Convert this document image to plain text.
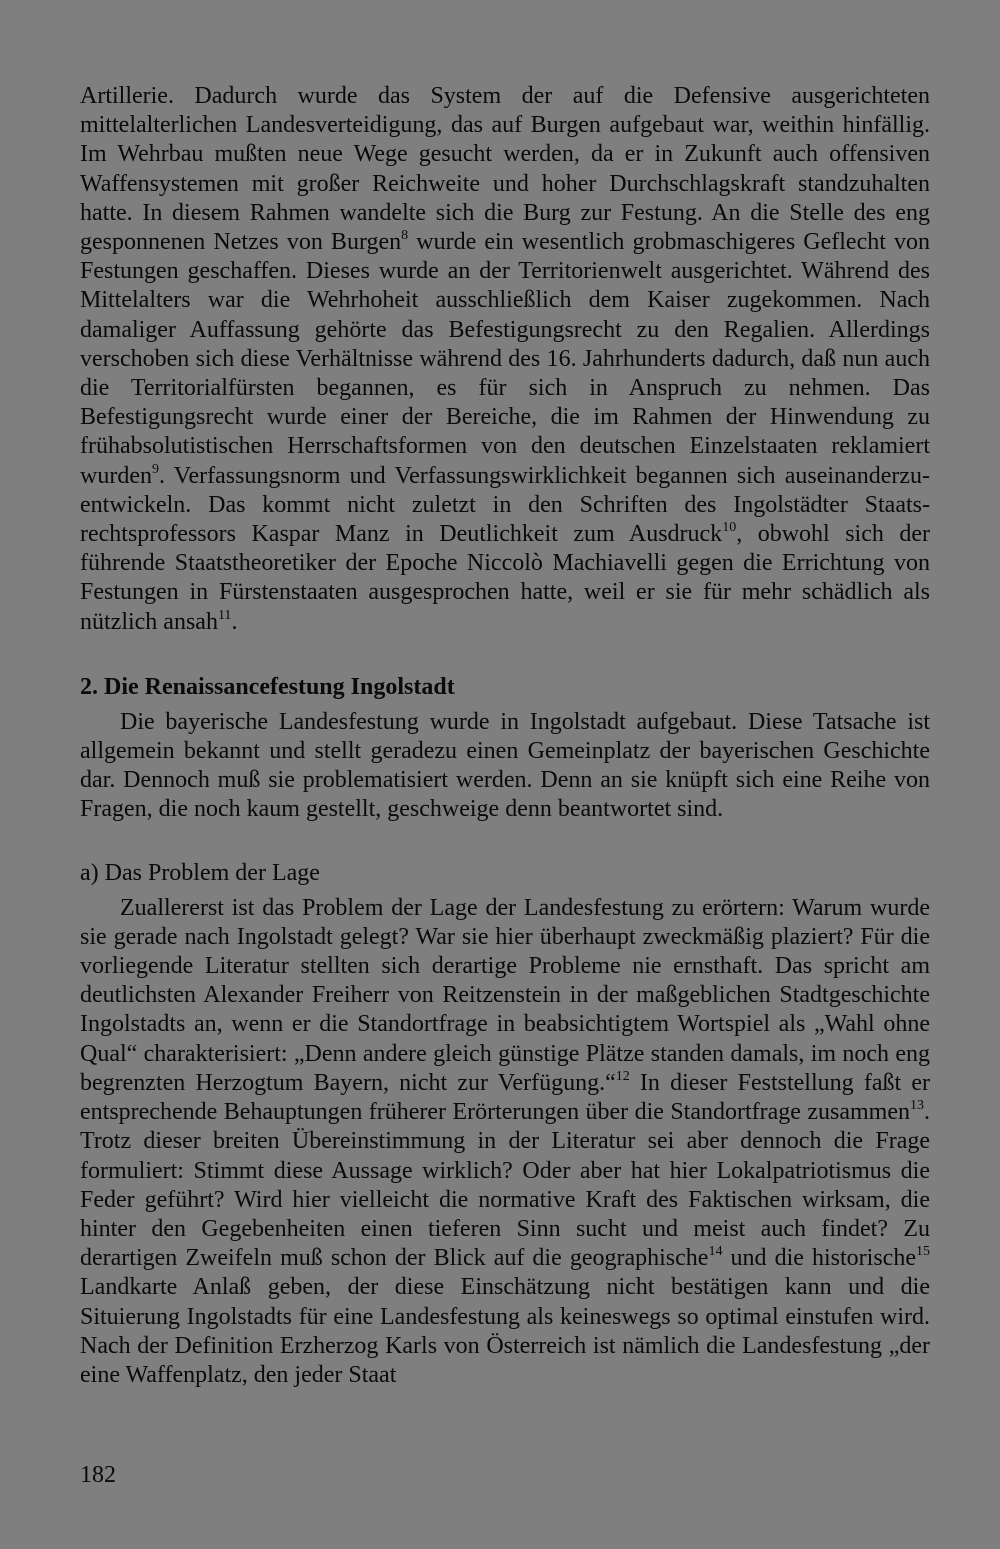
Artillerie. Dadurch wurde das System der auf die Defensive ausgerichteten mittelalterlichen Landesverteidigung, das auf Burgen aufgebaut war, weithin hinfällig. Im Wehrbau mußten neue Wege gesucht werden, da er in Zukunft auch offensiven Waffensystemen mit großer Reichweite und hoher Durchschlagskraft standzuhalten hatte. In diesem Rahmen wandelte sich die Burg zur Festung. An die Stelle des eng gesponnenen Netzes von Burgen$^8$ wurde ein wesentlich grobmaschigeres Geflecht von Festungen geschaffen. Dieses wurde an der Territorienwelt ausgerichtet. Während des Mittelalters war die Wehrhoheit ausschließlich dem Kaiser zugekommen. Nach damaliger Auffassung gehörte das Befestigungsrecht zu den Regalien. Allerdings verschoben sich diese Verhältnisse während des 16. Jahrhunderts dadurch, daß nun auch die Territorialfürsten begannen, es für sich in Anspruch zu nehmen. Das Befestigungsrecht wurde einer der Bereiche, die im Rahmen der Hinwendung zu frühabsolutistischen Herrschaftsformen von den deutschen Einzelstaaten reklamiert wurden$^9$. Verfassungsnorm und Verfassungswirklichkeit begannen sich auseinanderzuentwickeln. Das kommt nicht zuletzt in den Schriften des Ingolstädter Staatsrechtsprofessors Kaspar Manz in Deutlichkeit zum Ausdruck$^{10}$, obwohl sich der führende Staatstheoretiker der Epoche Niccolò Machiavelli gegen die Errichtung von Festungen in Fürstenstaaten ausgesprochen hatte, weil er sie für mehr schädlich als nützlich ansah$^{11}$.

2. Die Renaissancefestung Ingolstadt

Die bayerische Landesfestung wurde in Ingolstadt aufgebaut. Diese Tatsache ist allgemein bekannt und stellt geradezu einen Gemeinplatz der bayerischen Geschichte dar. Dennoch muß sie problematisiert werden. Denn an sie knüpft sich eine Reihe von Fragen, die noch kaum gestellt, geschweige denn beantwortet sind.

a) Das Problem der Lage

Zuallererst ist das Problem der Lage der Landesfestung zu erörtern: Warum wurde sie gerade nach Ingolstadt gelegt? War sie hier überhaupt zweckmäßig plaziert? Für die vorliegende Literatur stellten sich derartige Probleme nie ernsthaft. Das spricht am deutlichsten Alexander Freiherr von Reitzenstein in der maßgeblichen Stadtgeschichte Ingolstadts an, wenn er die Standortfrage in beabsichtigtem Wortspiel als „Wahl ohne Qual“ charakterisiert: „Denn andere gleich günstige Plätze standen damals, im noch eng begrenzten Herzogtum Bayern, nicht zur Verfügung.“$^{12}$ In dieser Feststellung faßt er entsprechende Behauptungen früherer Erörterungen über die Standortfrage zusammen$^{13}$. Trotz dieser breiten Übereinstimmung in der Literatur sei aber dennoch die Frage formuliert: Stimmt diese Aussage wirklich? Oder aber hat hier Lokalpatriotismus die Feder geführt? Wird hier vielleicht die normative Kraft des Faktischen wirksam, die hinter den Gegebenheiten einen tieferen Sinn sucht und meist auch findet? Zu derartigen Zweifeln muß schon der Blick auf die geographische$^{14}$ und die historische$^{15}$ Landkarte Anlaß geben, der diese Einschätzung nicht bestätigen kann und die Situierung Ingolstadts für eine Landesfestung als keineswegs so optimal einstufen wird. Nach der Definition Erzherzog Karls von Österreich ist nämlich die Landesfestung „der eine Waffenplatz, den jeder Staat

182
